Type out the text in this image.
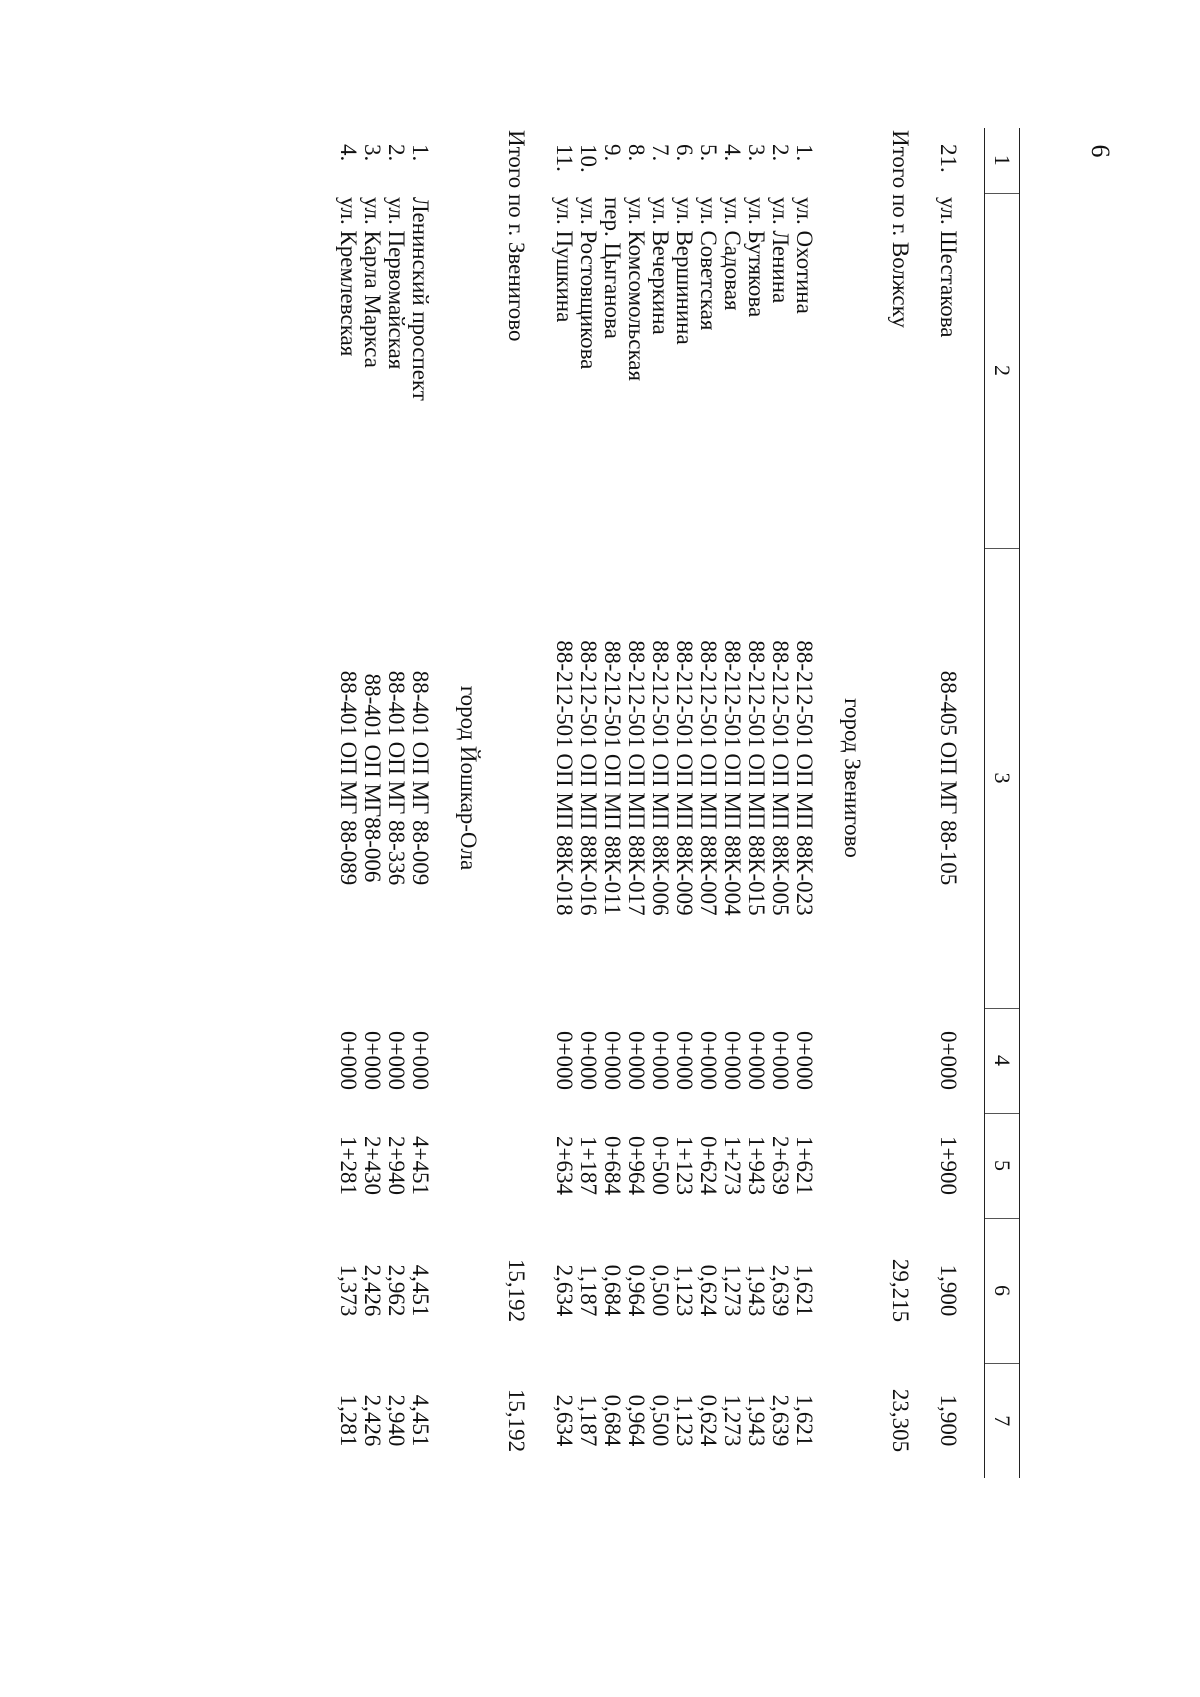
6
1	2	3	4	5	6	7

21.	ул. Шестакова	88-405 ОП МГ 88-105	0+000	1+900	1,900	1,900

Итого по г. Волжску					29,215	23,305

		город Звенигово				

1.	ул. Охотина	88-212-501 ОП МП 88К-023	0+000	1+621	1,621	1,621
2.	ул. Ленина	88-212-501 ОП МП 88К-005	0+000	2+639	2,639	2,639
3.	ул. Бутякова	88-212-501 ОП МП 88К-015	0+000	1+943	1,943	1,943
4.	ул. Садовая	88-212-501 ОП МП 88К-004	0+000	1+273	1,273	1,273
5.	ул. Советская	88-212-501 ОП МП 88К-007	0+000	0+624	0,624	0,624
6.	ул. Вершинина	88-212-501 ОП МП 88К-009	0+000	1+123	1,123	1,123
7.	ул. Вечеркина	88-212-501 ОП МП 88К-006	0+000	0+500	0,500	0,500
8.	ул. Комсомольская	88-212-501 ОП МП 88К-017	0+000	0+964	0,964	0,964
9.	пер. Цыганова	88-212-501 ОП МП 88К-011	0+000	0+684	0,684	0,684
10.	ул. Ростовщикова	88-212-501 ОП МП 88К-016	0+000	1+187	1,187	1,187
11.	ул. Пушкина	88-212-501 ОП МП 88К-018	0+000	2+634	2,634	2,634

Итого по г. Звенигово					15,192	15,192

		город Йошкар-Ола				

1.	Ленинский проспект	88-401 ОП МГ 88-009	0+000	4+451	4,451	4,451
2.	ул. Первомайская	88-401 ОП МГ 88-336	0+000	2+940	2,962	2,940
3.	ул. Карла Маркса	88-401 ОП МГ88-006	0+000	2+430	2,426	2,426
4.	ул. Кремлевская	88-401 ОП МГ 88-089	0+000	1+281	1,373	1,281
